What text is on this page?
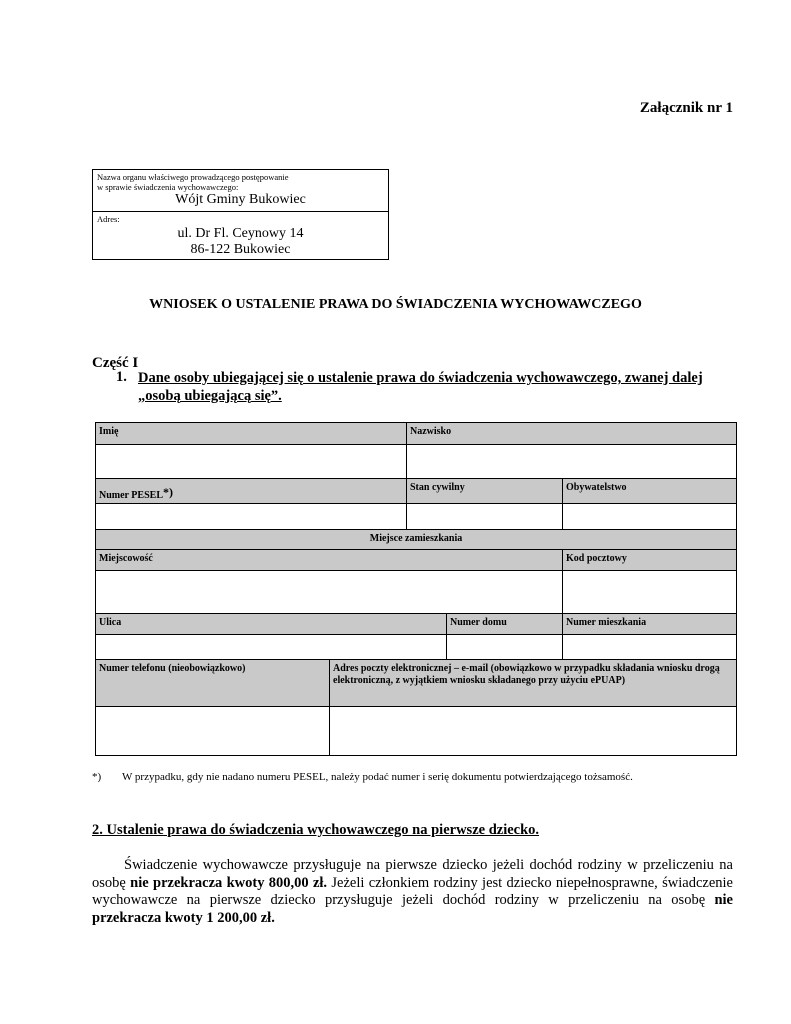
Załącznik nr 1
Nazwa organu właściwego prowadzącego postępowanie
w sprawie świadczenia wychowawczego:
Wójt Gminy Bukowiec
Adres:
ul. Dr Fl. Ceynowy 14
86-122 Bukowiec
WNIOSEK O USTALENIE PRAWA DO ŚWIADCZENIA WYCHOWAWCZEGO
Część I
1. Dane osoby ubiegającej się o ustalenie prawa do świadczenia wychowawczego, zwanej dalej
„osobą ubiegającą się”.
Imię	Nazwisko
Numer PESEL*)	Stan cywilny	Obywatelstwo
Miejsce zamieszkania
Miejscowość	Kod pocztowy
Ulica	Numer domu	Numer mieszkania
Numer telefonu (nieobowiązkowo)	Adres poczty elektronicznej – e-mail (obowiązkowo w przypadku składania wniosku drogą elektroniczną, z wyjątkiem wniosku składanego przy użyciu ePUAP)
*) W przypadku, gdy nie nadano numeru PESEL, należy podać numer i serię dokumentu potwierdzającego tożsamość.
2. Ustalenie prawa do świadczenia wychowawczego na pierwsze dziecko.
Świadczenie wychowawcze przysługuje na pierwsze dziecko jeżeli dochód rodziny w przeliczeniu na osobę nie przekracza kwoty 800,00 zł. Jeżeli członkiem rodziny jest dziecko niepełnosprawne, świadczenie wychowawcze na pierwsze dziecko przysługuje jeżeli dochód rodziny w przeliczeniu na osobę nie przekracza kwoty 1 200,00 zł.
